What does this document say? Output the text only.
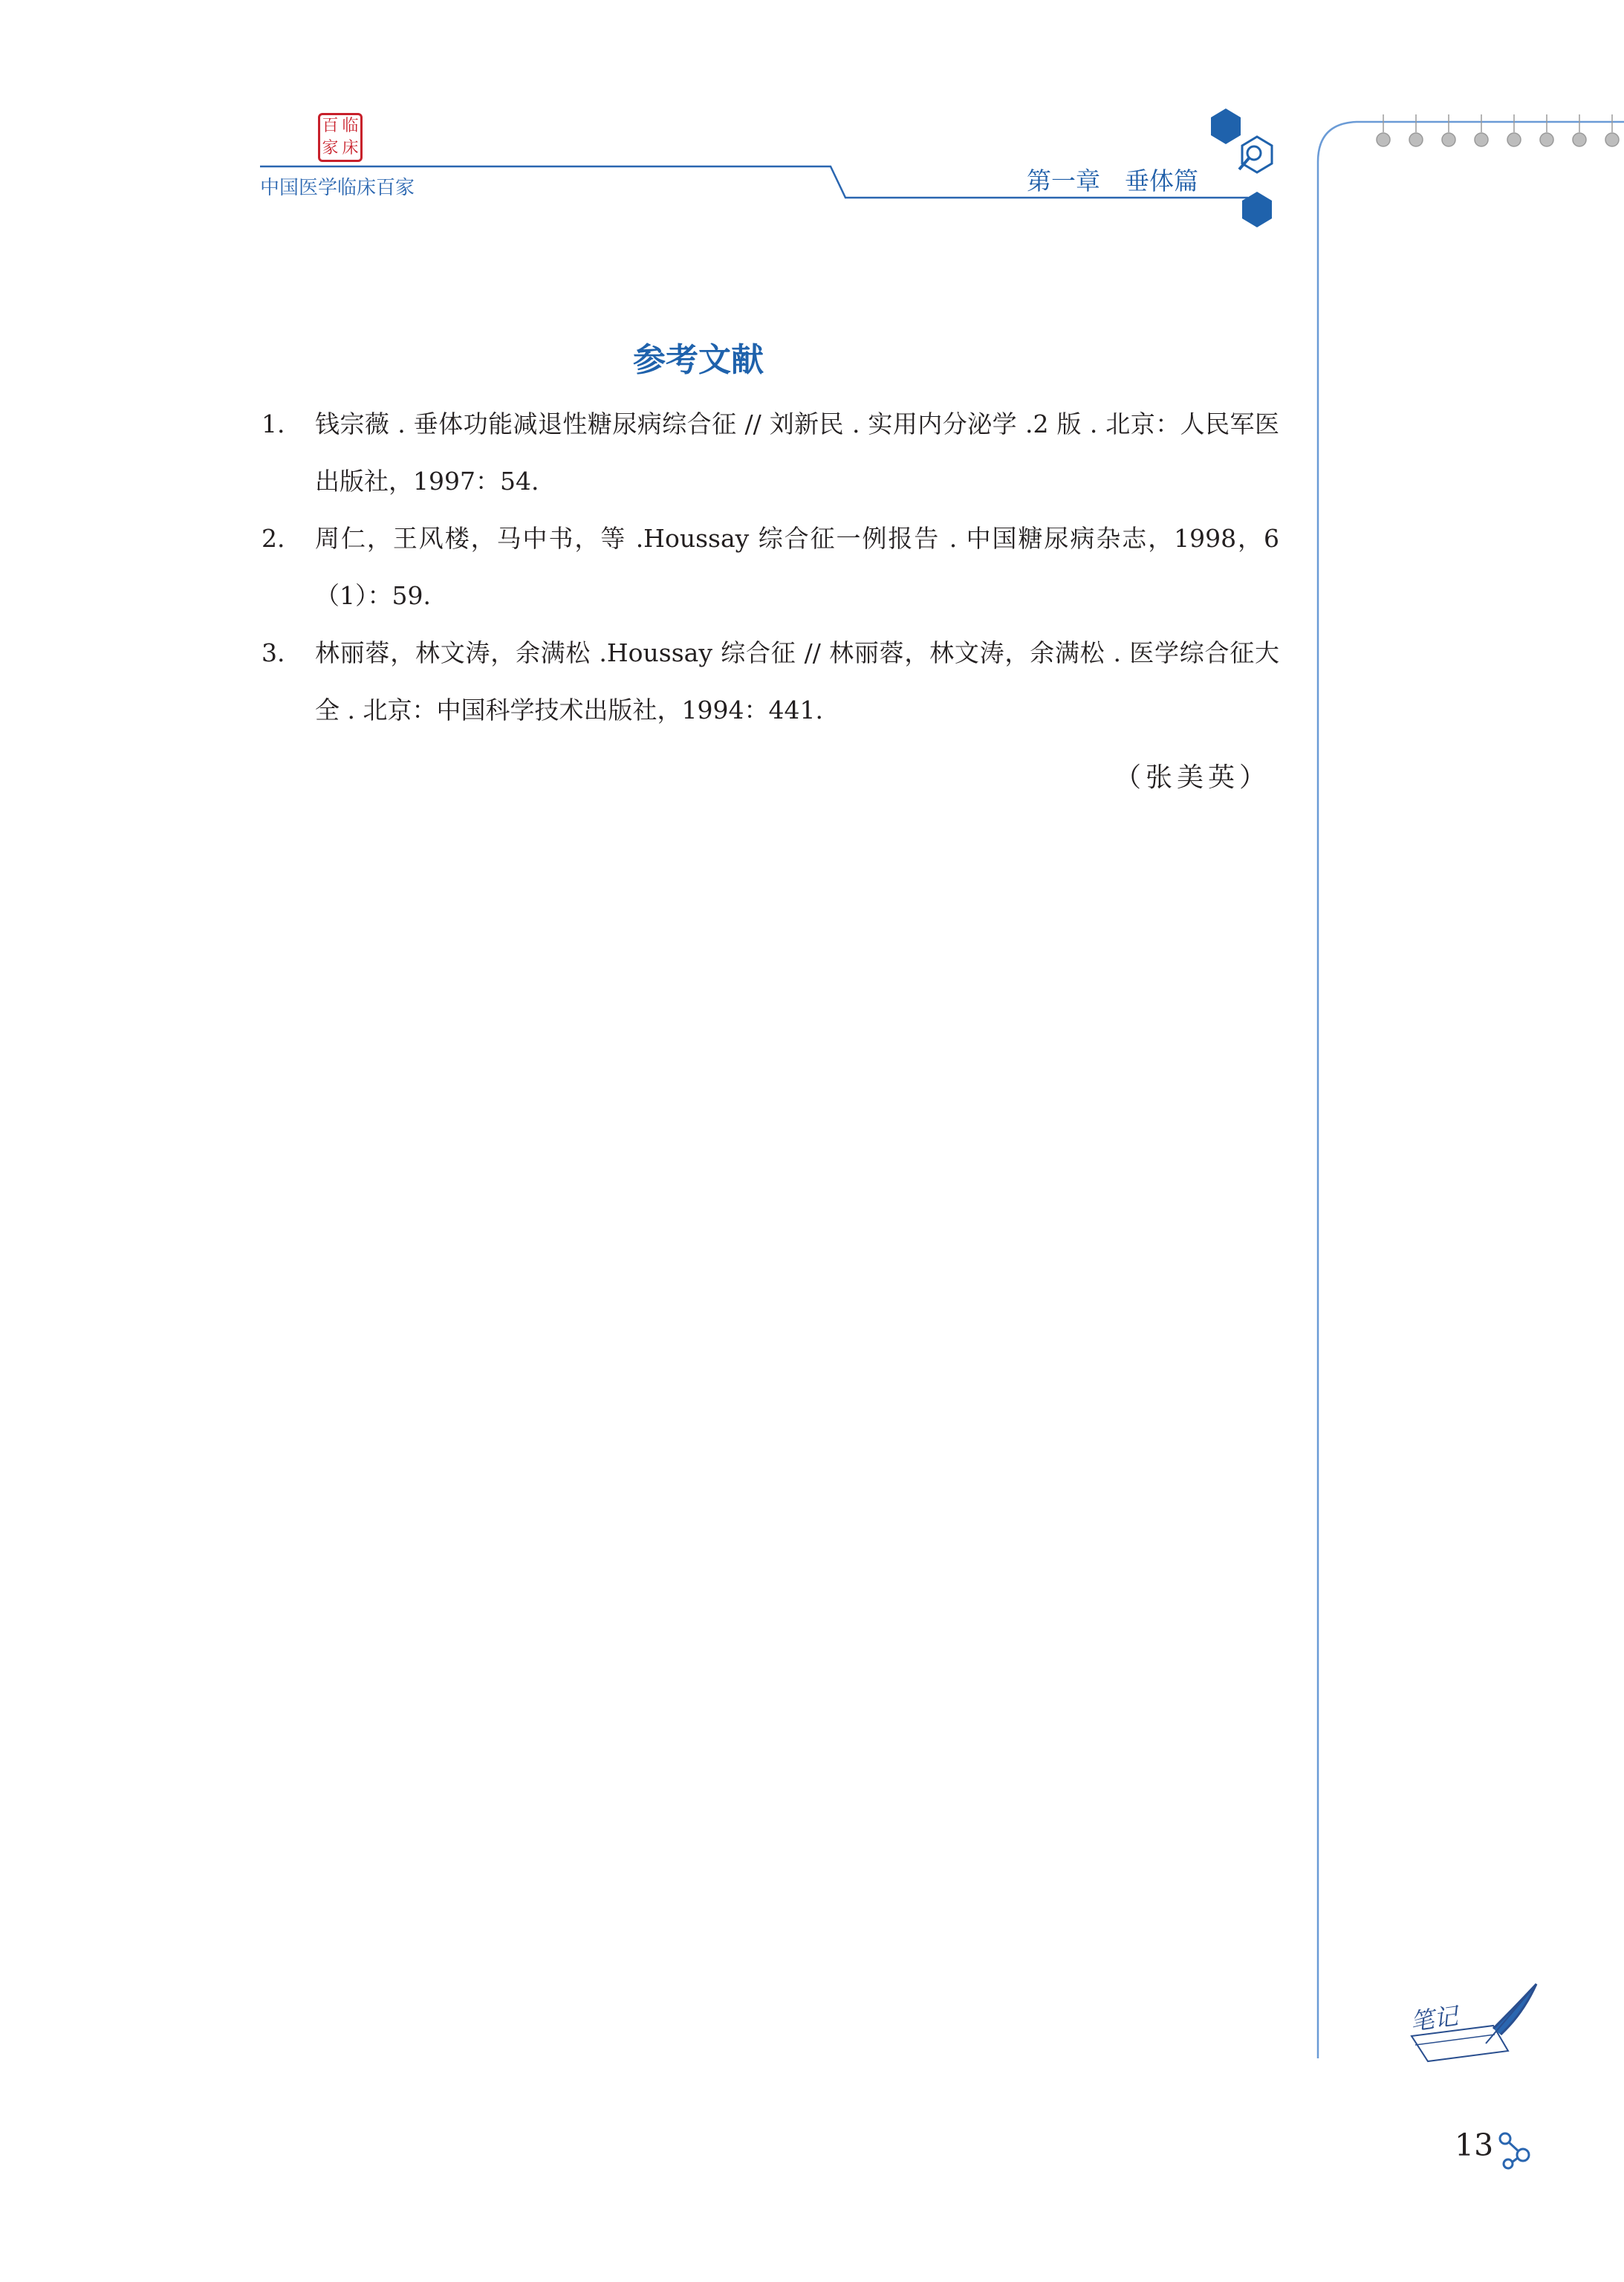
百 临
家 床
中国医学临床百家	第一章　垂体篇
参考文献
1. 钱宗薇 . 垂体功能减退性糖尿病综合征 // 刘新民 . 实用内分泌学 .2 版 . 北京：人民军医出版社，1997：54.
2. 周仁，王风楼，马中书，等 .Houssay 综合征一例报告 . 中国糖尿病杂志，1998，6（1）：59.
3. 林丽蓉，林文涛，余满松 .Houssay 综合征 // 林丽蓉，林文涛，余满松 . 医学综合征大全 . 北京：中国科学技术出版社，1994：441.
（张美英）
笔记
13
